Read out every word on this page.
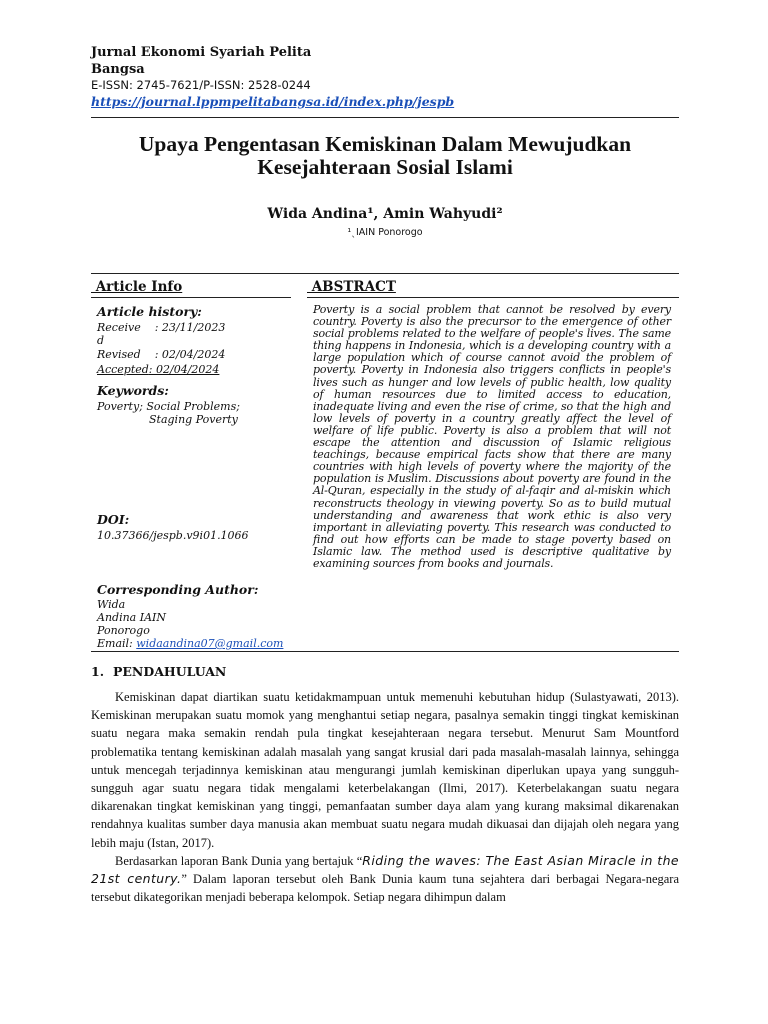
Jurnal Ekonomi Syariah Pelita Bangsa
E-ISSN: 2745-7621/P-ISSN: 2528-0244
https://journal.lppmpelitabangsa.id/index.php/jespb
Upaya Pengentasan Kemiskinan Dalam Mewujudkan Kesejahteraan Sosial Islami
Wida Andina¹, Amin Wahyudi²
¹ˎIAIN Ponorogo
Article Info	ABSTRACT
Article history:
Receive : 23/11/2023
d
Revised : 02/04/2024
Accepted: 02/04/2024
Keywords:
Poverty; Social Problems;
Staging Poverty
DOI:
10.37366/jespb.v9i01.1066
Corresponding Author:
Wida
Andina IAIN
Ponorogo
Email: widaandina07@gmail.com
Poverty is a social problem that cannot be resolved by every country. Poverty is also the precursor to the emergence of other social problems related to the welfare of people's lives. The same thing happens in Indonesia, which is a developing country with a large population which of course cannot avoid the problem of poverty. Poverty in Indonesia also triggers conflicts in people's lives such as hunger and low levels of public health, low quality of human resources due to limited access to education, inadequate living and even the rise of crime, so that the high and low levels of poverty in a country greatly affect the level of welfare of life public. Poverty is also a problem that will not escape the attention and discussion of Islamic religious teachings, because empirical facts show that there are many countries with high levels of poverty where the majority of the population is Muslim. Discussions about poverty are found in the Al-Quran, especially in the study of al-faqir and al-miskin which reconstructs theology in viewing poverty. So as to build mutual understanding and awareness that work ethic is also very important in alleviating poverty. This research was conducted to find out how efforts can be made to stage poverty based on Islamic law. The method used is descriptive qualitative by examining sources from books and journals.
1. PENDAHULUAN

Kemiskinan dapat diartikan suatu ketidakmampuan untuk memenuhi kebutuhan hidup (Sulastyawati, 2013). Kemiskinan merupakan suatu momok yang menghantui setiap negara, pasalnya semakin tinggi tingkat kemiskinan suatu negara maka semakin rendah pula tingkat kesejahteraan negara tersebut. Menurut Sam Mountford problematika tentang kemiskinan adalah masalah yang sangat krusial dari pada masalah-masalah lainnya, sehingga untuk mencegah terjadinnya kemiskinan atau mengurangi jumlah kemiskinan diperlukan upaya yang sungguh-sungguh agar suatu negara tidak mengalami keterbelakangan (Ilmi, 2017). Keterbelakangan suatu negara dikarenakan tingkat kemiskinan yang tinggi, pemanfaatan sumber daya alam yang kurang maksimal dikarenakan rendahnya kualitas sumber daya manusia akan membuat suatu negara mudah dikuasai dan dijajah oleh negara yang lebih maju (Istan, 2017).

Berdasarkan laporan Bank Dunia yang bertajuk “Riding the waves: The East Asian Miracle in the 21st century.” Dalam laporan tersebut oleh Bank Dunia kaum tuna sejahtera dari berbagai Negara-negara tersebut dikategorikan menjadi beberapa kelompok. Setiap negara dihimpun dalam
